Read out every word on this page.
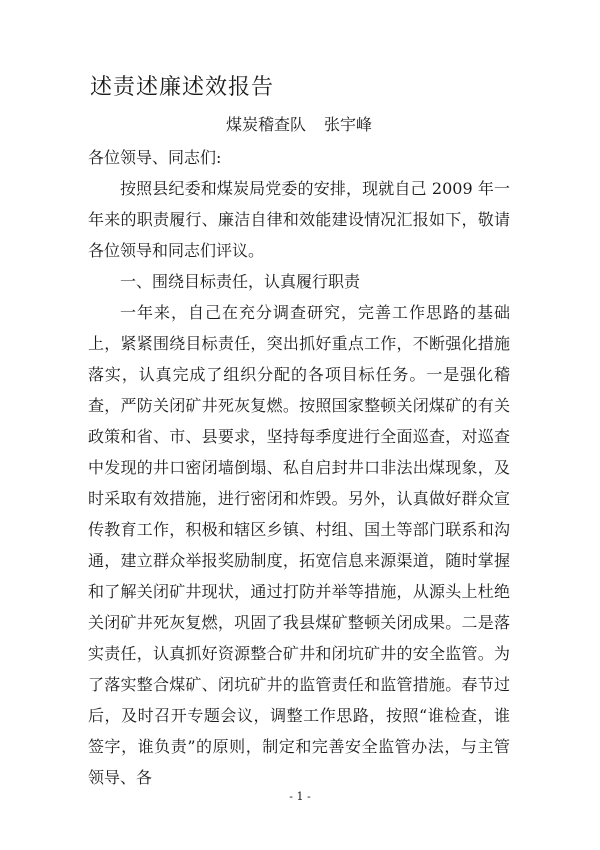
述责述廉述效报告
煤炭稽查队 张宇峰

各位领导、同志们:

按照县纪委和煤炭局党委的安排，现就自己 2009 年一年来的职责履行、廉洁自律和效能建设情况汇报如下，敬请各位领导和同志们评议。

一、围绕目标责任，认真履行职责

一年来，自己在充分调查研究，完善工作思路的基础上，紧紧围绕目标责任，突出抓好重点工作，不断强化措施落实，认真完成了组织分配的各项目标任务。一是强化稽查，严防关闭矿井死灰复燃。按照国家整顿关闭煤矿的有关政策和省、市、县要求，坚持每季度进行全面巡查，对巡查中发现的井口密闭墙倒塌、私自启封井口非法出煤现象，及时采取有效措施，进行密闭和炸毁。另外，认真做好群众宣传教育工作，积极和辖区乡镇、村组、国土等部门联系和沟通，建立群众举报奖励制度，拓宽信息来源渠道，随时掌握和了解关闭矿井现状，通过打防并举等措施，从源头上杜绝关闭矿井死灰复燃，巩固了我县煤矿整顿关闭成果。二是落实责任，认真抓好资源整合矿井和闭坑矿井的安全监管。为了落实整合煤矿、闭坑矿井的监管责任和监管措施。春节过后，及时召开专题会议，调整工作思路，按照“谁检查，谁签字，谁负责”的原则，制定和完善安全监管办法，与主管领导、各

- 1 -
